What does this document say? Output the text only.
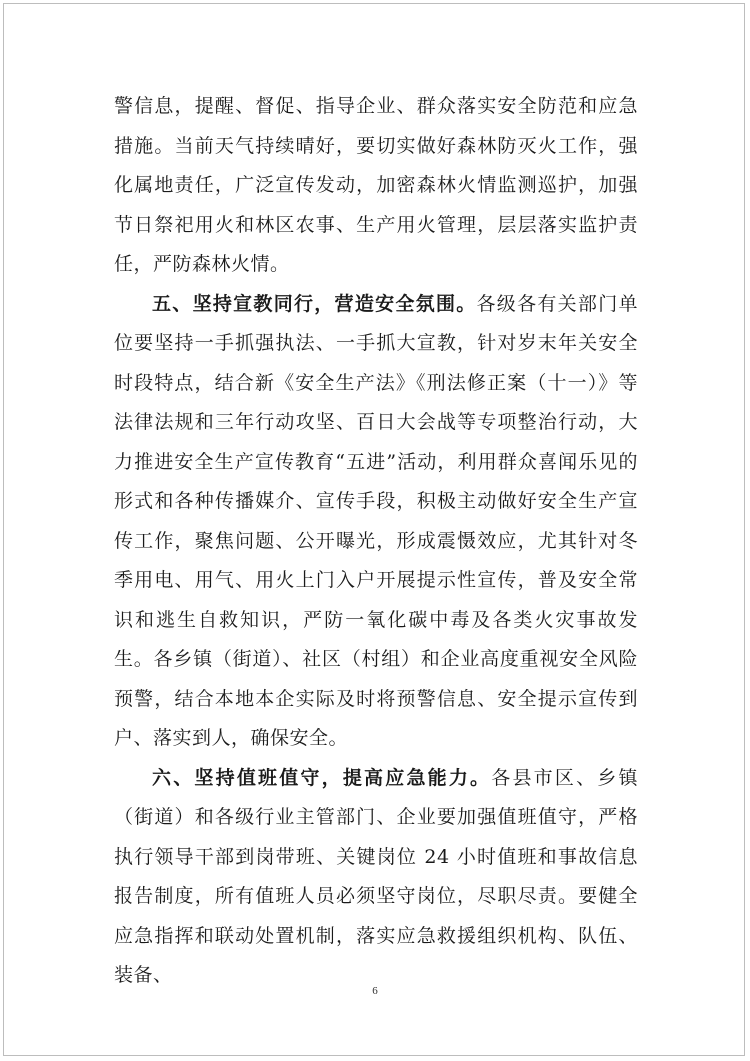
警信息，提醒、督促、指导企业、群众落实安全防范和应急措施。当前天气持续晴好，要切实做好森林防灭火工作，强化属地责任，广泛宣传发动，加密森林火情监测巡护，加强节日祭祀用火和林区农事、生产用火管理，层层落实监护责任，严防森林火情。

五、坚持宣教同行，营造安全氛围。各级各有关部门单位要坚持一手抓强执法、一手抓大宣教，针对岁末年关安全时段特点，结合新《安全生产法》《刑法修正案（十一）》等法律法规和三年行动攻坚、百日大会战等专项整治行动，大力推进安全生产宣传教育“五进”活动，利用群众喜闻乐见的形式和各种传播媒介、宣传手段，积极主动做好安全生产宣传工作，聚焦问题、公开曝光，形成震慑效应，尤其针对冬季用电、用气、用火上门入户开展提示性宣传，普及安全常识和逃生自救知识，严防一氧化碳中毒及各类火灾事故发生。各乡镇（街道）、社区（村组）和企业高度重视安全风险预警，结合本地本企实际及时将预警信息、安全提示宣传到户、落实到人，确保安全。

六、坚持值班值守，提高应急能力。各县市区、乡镇（街道）和各级行业主管部门、企业要加强值班值守，严格执行领导干部到岗带班、关键岗位 24 小时值班和事故信息报告制度，所有值班人员必须坚守岗位，尽职尽责。要健全应急指挥和联动处置机制，落实应急救援组织机构、队伍、装备、

6
